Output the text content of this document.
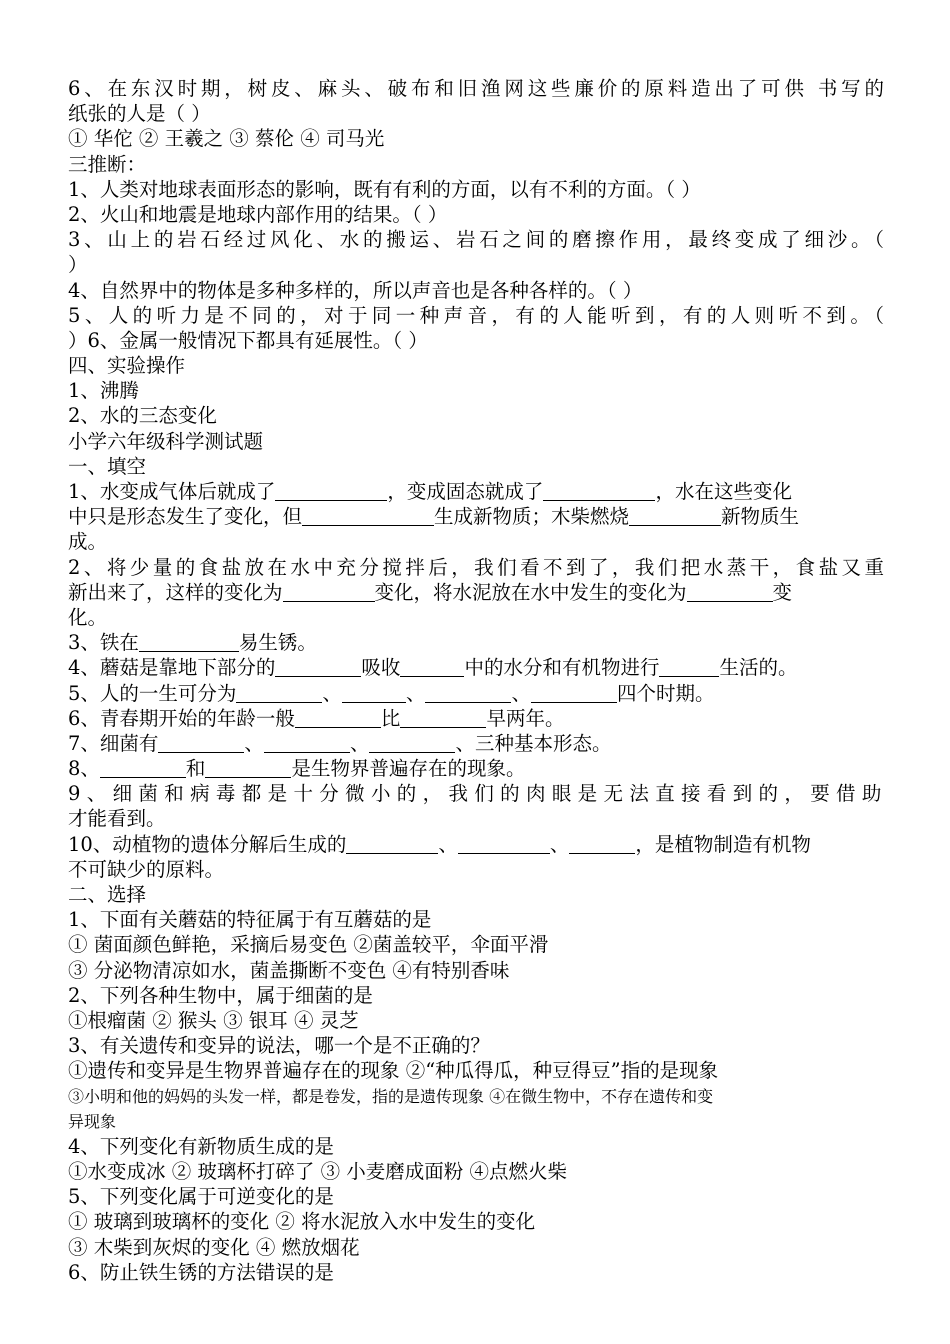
6、在东汉时期，树皮、麻头、破布和旧渔网这些廉价的原料造出了可供 书写的
纸张的人是（ ）
① 华佗 ② 王羲之 ③ 蔡伦 ④ 司马光
三推断：
1、人类对地球表面形态的影响，既有有利的方面，以有不利的方面。（ ）
2、火山和地震是地球内部作用的结果。（ ）
3、山上的岩石经过风化、水的搬运、岩石之间的磨擦作用，最终变成了细沙。（
）
4、自然界中的物体是多种多样的，所以声音也是各种各样的。（ ）
5、人的听力是不同的，对于同一种声音，有的人能听到，有的人则听不到。（
）6、金属一般情况下都具有延展性。（ ）
四、实验操作
1、沸腾
2、水的三态变化
小学六年级科学测试题
一、填空
1、水变成气体后就成了	，变成固态就成了	，水在这些变化
中只是形态发生了变化，但	生成新物质；木柴燃烧	新物质生
成。
2、将少量的食盐放在水中充分搅拌后，我们看不到了，我们把水蒸干，食盐又重
新出来了，这样的变化为	变化，将水泥放在水中发生的变化为	变
化。
3、铁在	易生锈。
4、蘑菇是靠地下部分的	吸收	中的水分和有机物进行	生活的。
5、人的一生可分为	、	、	、	四个时期。
6、青春期开始的年龄一般	比	早两年。
7、细菌有	、	、	、三种基本形态。
8、	和	是生物界普遍存在的现象。
9、细菌和病毒都是十分微小的，我们的肉眼是无法直接看到的，要借助
才能看到。
10、动植物的遗体分解后生成的	、	、	，是植物制造有机物
不可缺少的原料。
二、选择
1、下面有关蘑菇的特征属于有互蘑菇的是
① 菌面颜色鲜艳，采摘后易变色 ②菌盖较平，伞面平滑
③ 分泌物清凉如水，菌盖撕断不变色 ④有特别香味
2、下列各种生物中，属于细菌的是
①根瘤菌 ② 猴头 ③ 银耳 ④ 灵芝
3、有关遗传和变异的说法，哪一个是不正确的？
①遗传和变异是生物界普遍存在的现象 ②“种瓜得瓜，种豆得豆”指的是现象
③小明和他的妈妈的头发一样，都是卷发，指的是遗传现象 ④在微生物中，不存在遗传和变
异现象
4、下列变化有新物质生成的是
①水变成冰 ② 玻璃杯打碎了 ③ 小麦磨成面粉 ④点燃火柴
5、下列变化属于可逆变化的是
① 玻璃到玻璃杯的变化 ② 将水泥放入水中发生的变化
③ 木柴到灰烬的变化 ④ 燃放烟花
6、防止铁生锈的方法错误的是
